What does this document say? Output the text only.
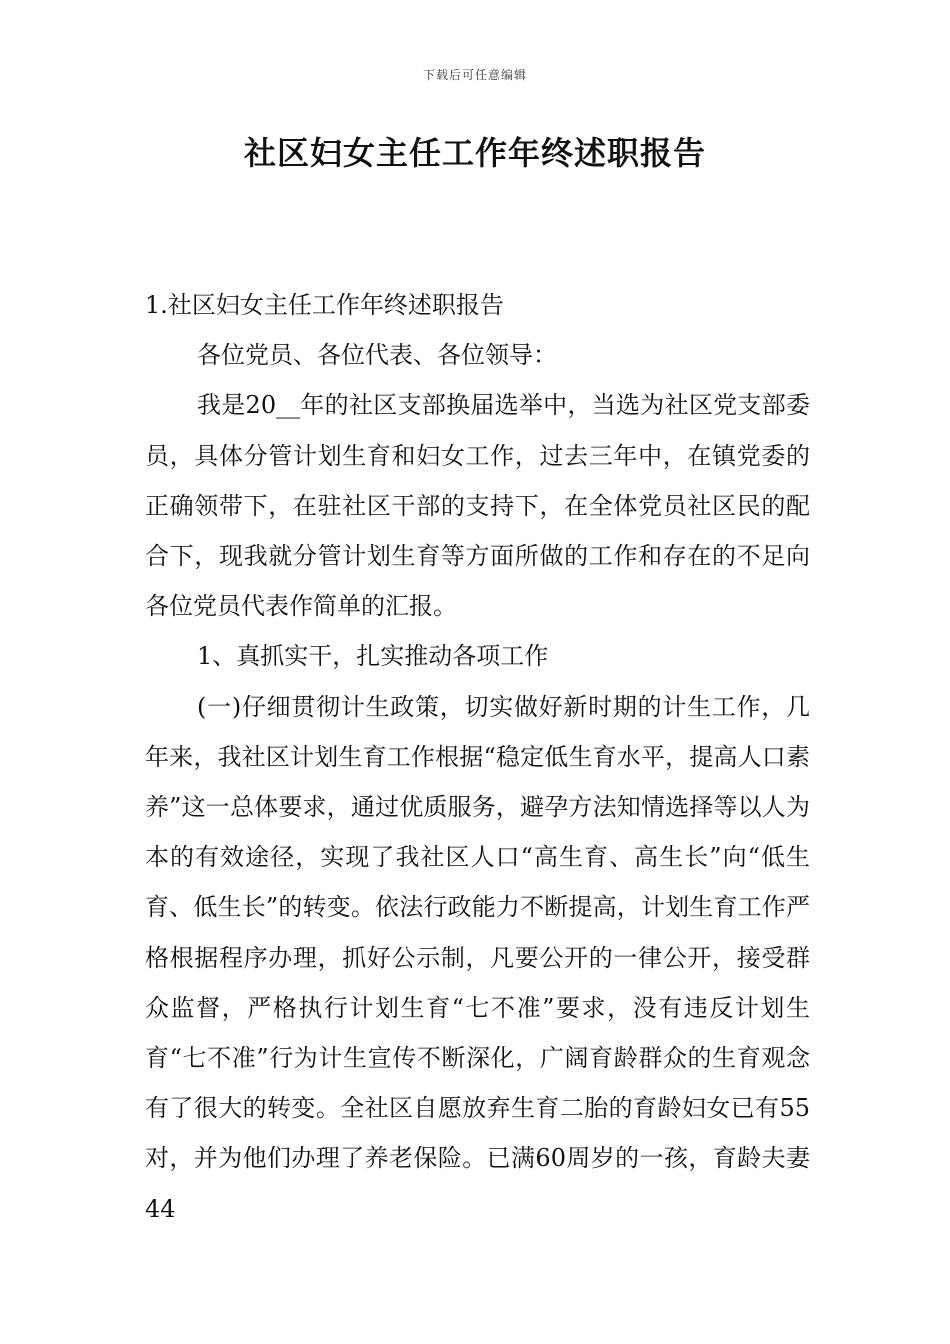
下载后可任意编辑
社区妇女主任工作年终述职报告

1.社区妇女主任工作年终述职报告

各位党员、各位代表、各位领导：

我是20__年的社区支部换届选举中，当选为社区党支部委员，具体分管计划生育和妇女工作，过去三年中，在镇党委的正确领带下，在驻社区干部的支持下，在全体党员社区民的配合下，现我就分管计划生育等方面所做的工作和存在的不足向各位党员代表作简单的汇报。

1、真抓实干，扎实推动各项工作

(一)仔细贯彻计生政策，切实做好新时期的计生工作，几年来，我社区计划生育工作根据“稳定低生育水平，提高人口素养”这一总体要求，通过优质服务，避孕方法知情选择等以人为本的有效途径，实现了我社区人口“高生育、高生长”向“低生育、低生长”的转变。依法行政能力不断提高，计划生育工作严格根据程序办理，抓好公示制，凡要公开的一律公开，接受群众监督，严格执行计划生育“七不准”要求，没有违反计划生育“七不准”行为计生宣传不断深化，广阔育龄群众的生育观念有了很大的转变。全社区自愿放弃生育二胎的育龄妇女已有55对，并为他们办理了养老保险。已满60周岁的一孩，育龄夫妻44
